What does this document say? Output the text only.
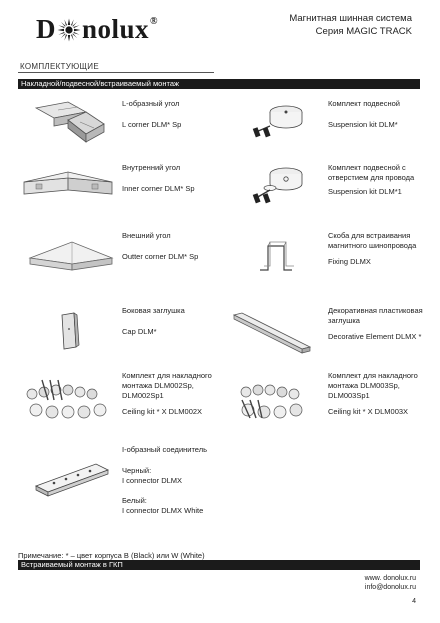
D nolux®	Магнитная шинная система
Серия MAGIC TRACK
КОМПЛЕКТУЮЩИЕ
Накладной/подвесной/встраиваемый монтаж
L-образный угол
L corner DLM* Sp
Комплект подвесной
Suspension kit DLM*
Внутренний угол
Inner corner DLM* Sp
Комплект подвесной с отверстием для провода
Suspension kit DLM*1
Внешний угол
Outter corner DLM* Sp
Скоба для встраивания магнитного шинопровода
Fixing DLMX
Боковая заглушка
Cap DLM*
Декоративная пластиковая заглушка
Decorative Element DLMX *
Комплект для накладного монтажа DLM002Sp, DLM002Sp1
Ceiling kit * X DLM002X
Комплект для накладного монтажа DLM003Sp, DLM003Sp1
Ceiling kit * X DLM003X
I-образный соединитель
Черный:
I connector DLMX
Белый:
I connector DLMX White
Примечание: * – цвет корпуса B (Black) или W (White)
Встраиваемый монтаж в ГКП
www. donolux.ru
info@donolux.ru
4
